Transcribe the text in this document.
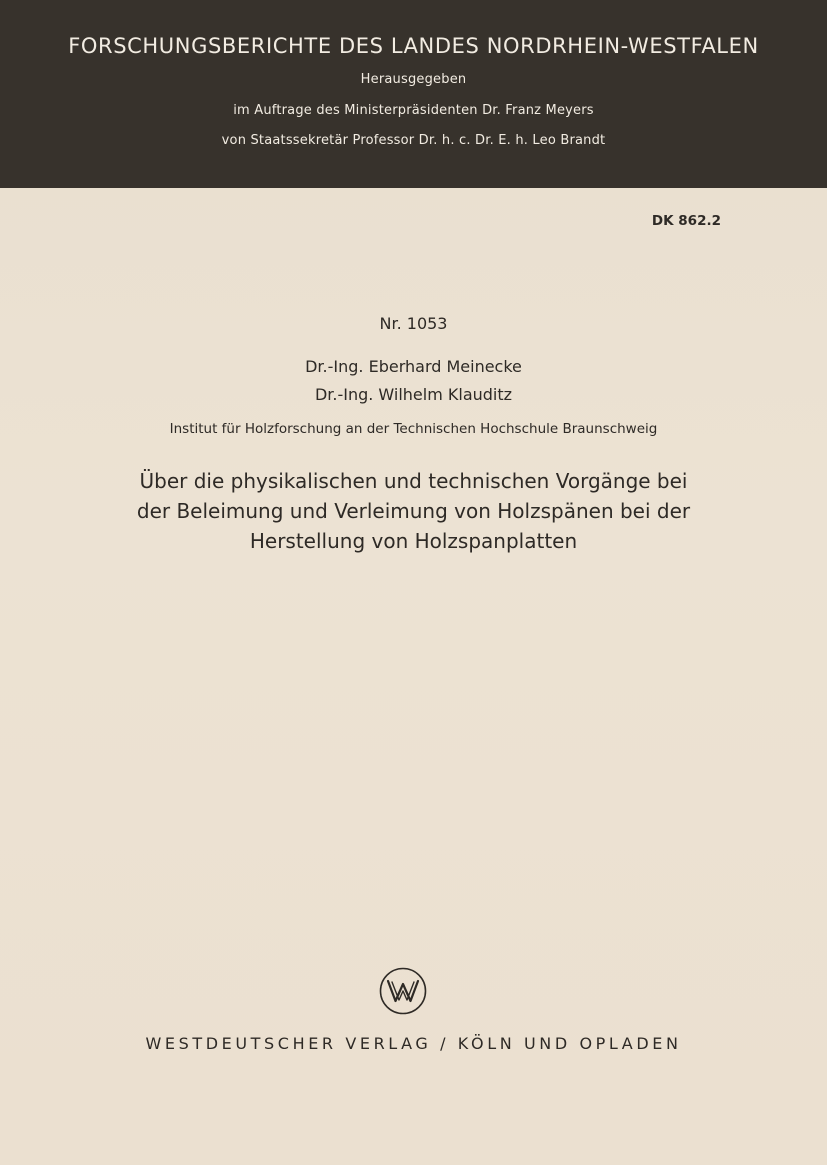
FORSCHUNGSBERICHTE DES LANDES NORDRHEIN-WESTFALEN
Herausgegeben
im Auftrage des Ministerpräsidenten Dr. Franz Meyers
von Staatssekretär Professor Dr. h. c. Dr. E. h. Leo Brandt
DK 862.2
Nr. 1053
Dr.-Ing. Eberhard Meinecke
Dr.-Ing. Wilhelm Klauditz
Institut für Holzforschung an der Technischen Hochschule Braunschweig
Über die physikalischen und technischen Vorgänge bei
der Beleimung und Verleimung von Holzspänen bei der
Herstellung von Holzspanplatten
WESTDEUTSCHER VERLAG / KÖLN UND OPLADEN
